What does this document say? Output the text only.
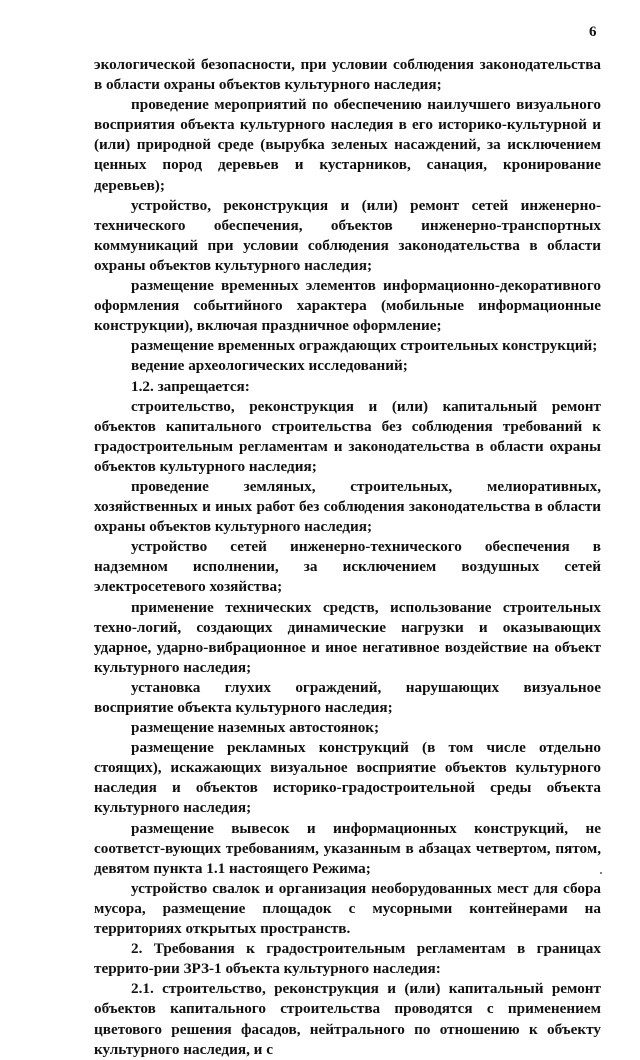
6

экологической безопасности, при условии соблюдения законодательства в области охраны объектов культурного наследия;

проведение мероприятий по обеспечению наилучшего визуального восприятия объекта культурного наследия в его историко-культурной и (или) природной среде (вырубка зеленых насаждений, за исключением ценных пород деревьев и кустарников, санация, кронирование деревьев);

устройство, реконструкция и (или) ремонт сетей инженерно-технического обеспечения, объектов инженерно-транспортных коммуникаций при условии соблюдения законодательства в области охраны объектов культурного наследия;

размещение временных элементов информационно-декоративного оформления событийного характера (мобильные информационные конструкции), включая праздничное оформление;

размещение временных ограждающих строительных конструкций;

ведение археологических исследований;

1.2. запрещается:

строительство, реконструкция и (или) капитальный ремонт объектов капитального строительства без соблюдения требований к градостроительным регламентам и законодательства в области охраны объектов культурного наследия;

проведение земляных, строительных, мелиоративных, хозяйственных и иных работ без соблюдения законодательства в области охраны объектов культурного наследия;

устройство сетей инженерно-технического обеспечения в надземном исполнении, за исключением воздушных сетей электросетевого хозяйства;

применение технических средств, использование строительных техно-логий, создающих динамические нагрузки и оказывающих ударное, ударно-вибрационное и иное негативное воздействие на объект культурного наследия;

установка глухих ограждений, нарушающих визуальное восприятие объекта культурного наследия;

размещение наземных автостоянок;

размещение рекламных конструкций (в том числе отдельно стоящих), искажающих визуальное восприятие объектов культурного наследия и объектов историко-градостроительной среды объекта культурного наследия;

размещение вывесок и информационных конструкций, не соответст-вующих требованиям, указанным в абзацах четвертом, пятом, девятом пункта 1.1 настоящего Режима;

устройство свалок и организация необорудованных мест для сбора мусора, размещение площадок с мусорными контейнерами на территориях открытых пространств.

2. Требования к градостроительным регламентам в границах террито-рии ЗРЗ-1 объекта культурного наследия:

2.1. строительство, реконструкция и (или) капитальный ремонт объектов капитального строительства проводятся с применением цветового решения фасадов, нейтрального по отношению к объекту культурного наследия, и с
